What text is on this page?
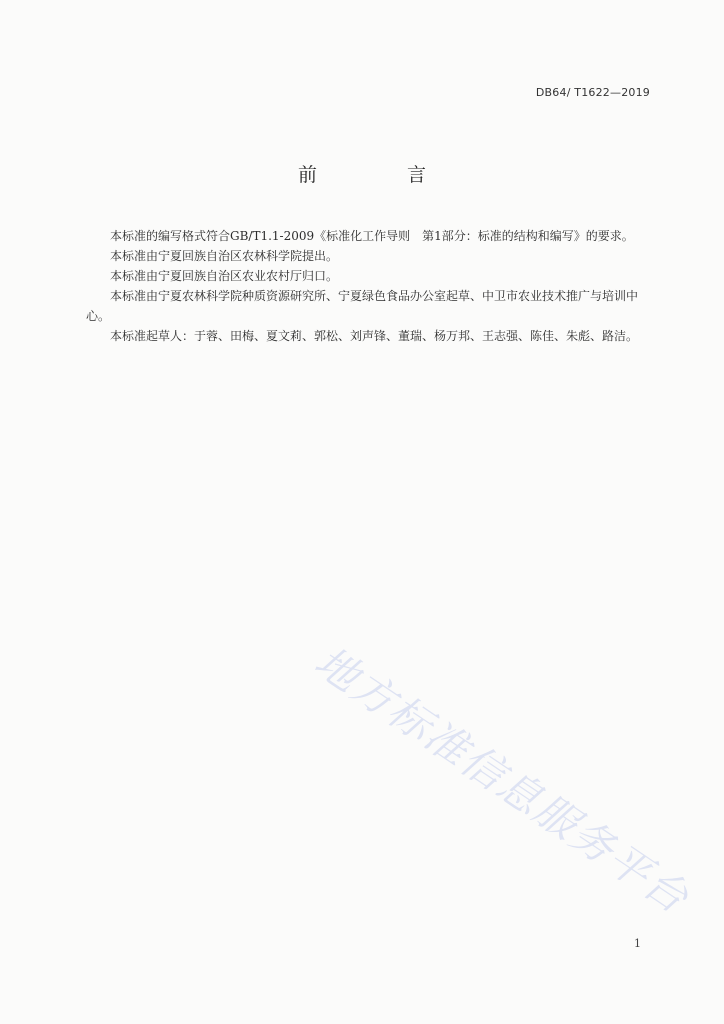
DB64/ T1622—2019
前 言

本标准的编写格式符合GB/T1.1-2009《标准化工作导则　第1部分：标准的结构和编写》的要求。

本标准由宁夏回族自治区农林科学院提出。

本标准由宁夏回族自治区农业农村厅归口。

本标准由宁夏农林科学院种质资源研究所、宁夏绿色食品办公室起草、中卫市农业技术推广与培训中心。

本标准起草人：于蓉、田梅、夏文莉、郭松、刘声锋、董瑞、杨万邦、王志强、陈佳、朱彪、路洁。

地方标准信息服务平台
1
